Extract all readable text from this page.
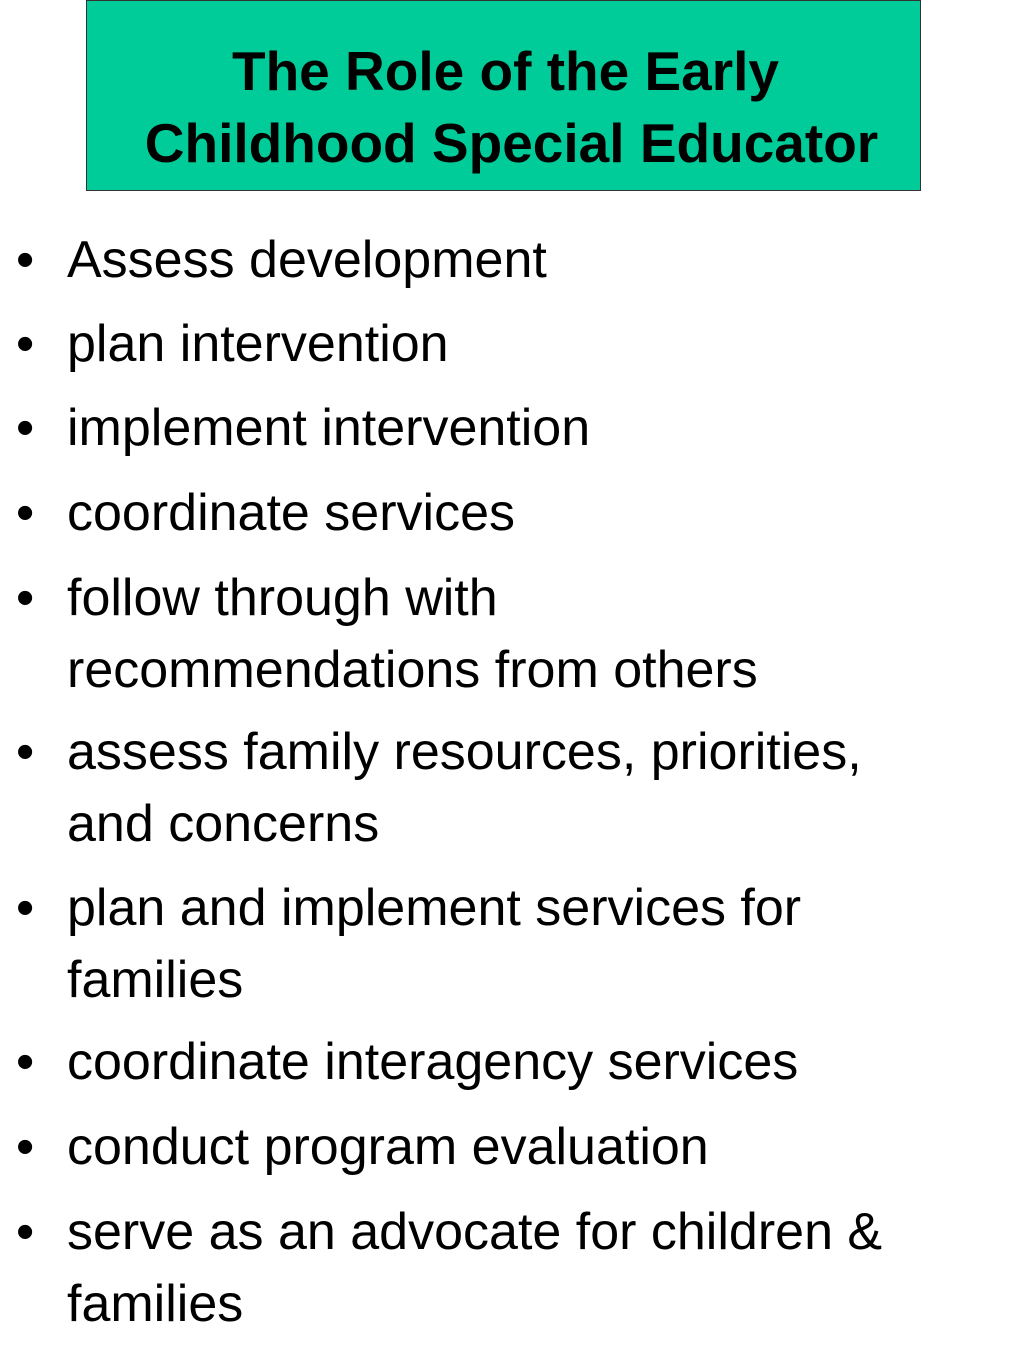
The Role of the Early
Childhood Special Educator
• Assess development
• plan intervention
• implement intervention
• coordinate services
• follow through with
recommendations from others
• assess family resources, priorities,
and concerns
• plan and implement services for
families
• coordinate interagency services
• conduct program evaluation
• serve as an advocate for children &
families
